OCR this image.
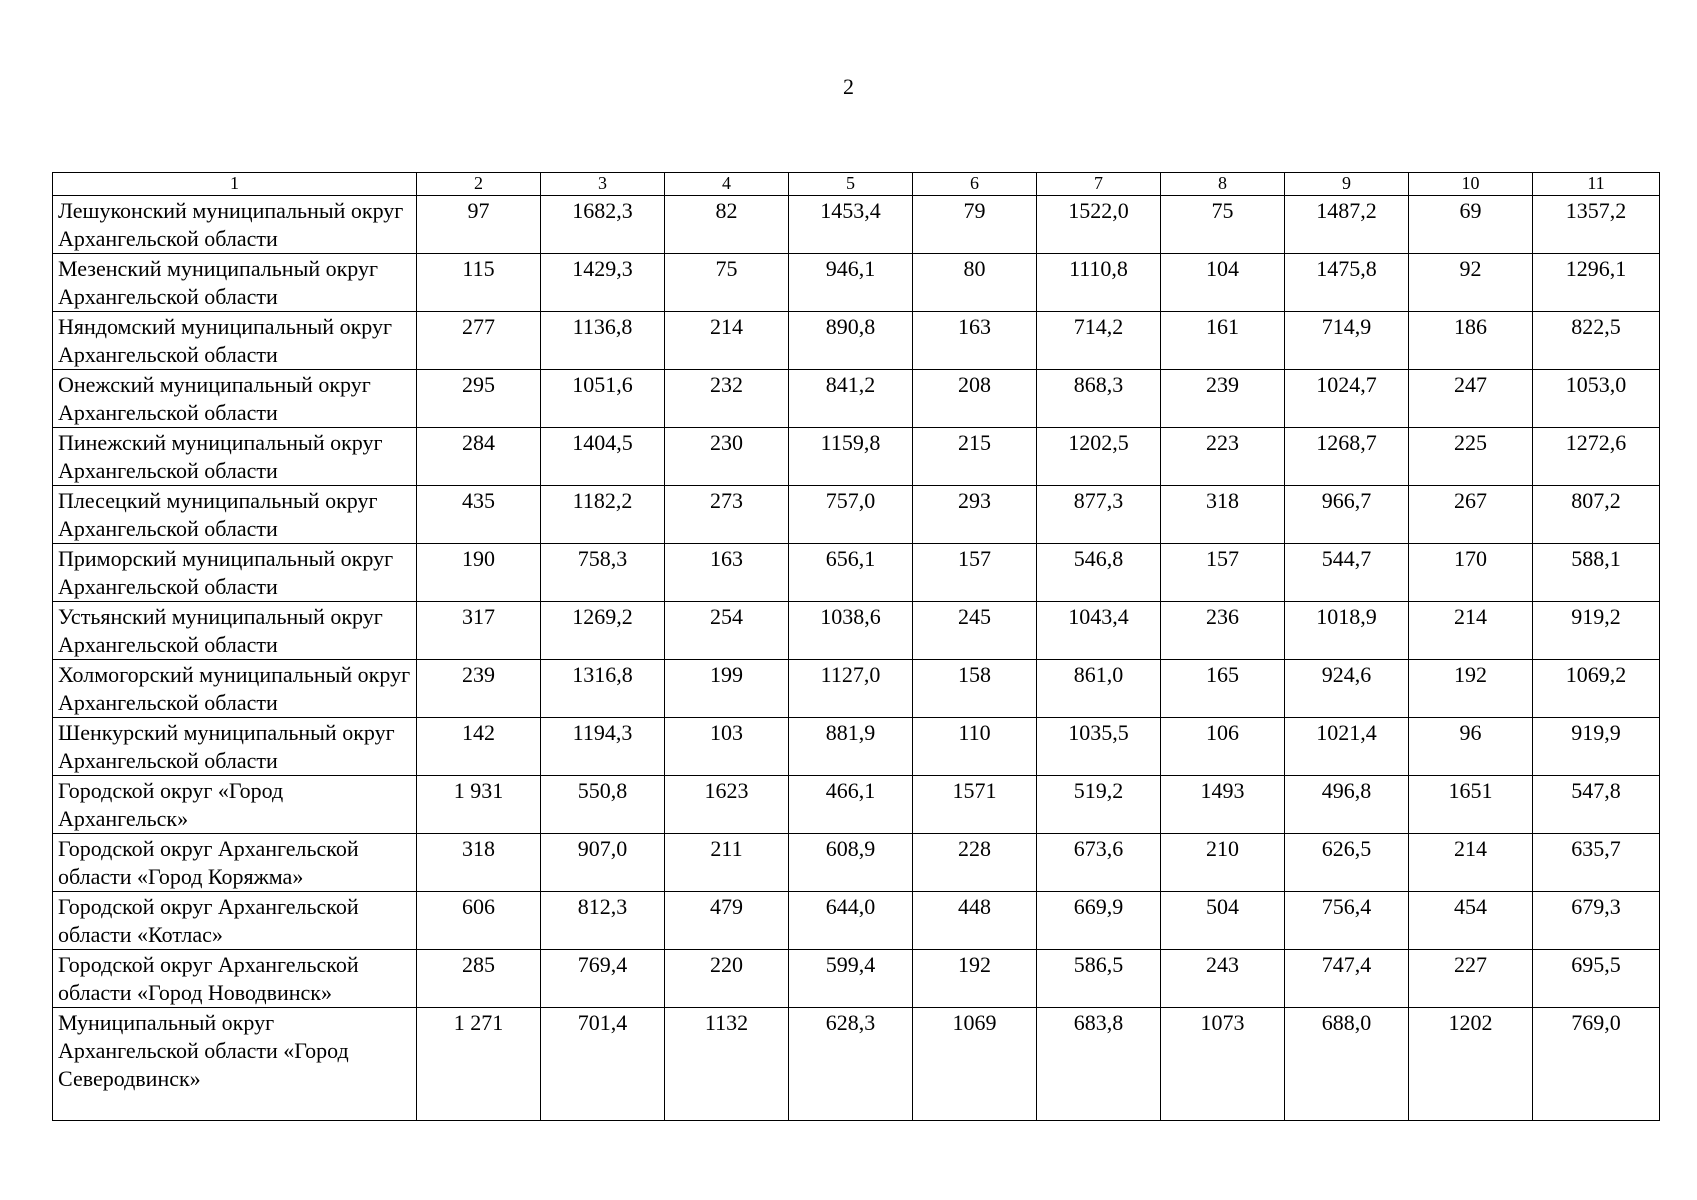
2
1	2	3	4	5	6	7	8	9	10	11
Лешуконский муниципальный округ Архангельской области	97	1682,3	82	1453,4	79	1522,0	75	1487,2	69	1357,2
Мезенский муниципальный округ Архангельской области	115	1429,3	75	946,1	80	1110,8	104	1475,8	92	1296,1
Няндомский муниципальный округ Архангельской области	277	1136,8	214	890,8	163	714,2	161	714,9	186	822,5
Онежский муниципальный округ Архангельской области	295	1051,6	232	841,2	208	868,3	239	1024,7	247	1053,0
Пинежский муниципальный округ Архангельской области	284	1404,5	230	1159,8	215	1202,5	223	1268,7	225	1272,6
Плесецкий муниципальный округ Архангельской области	435	1182,2	273	757,0	293	877,3	318	966,7	267	807,2
Приморский муниципальный округ Архангельской области	190	758,3	163	656,1	157	546,8	157	544,7	170	588,1
Устьянский муниципальный округ Архангельской области	317	1269,2	254	1038,6	245	1043,4	236	1018,9	214	919,2
Холмогорский муниципальный округ Архангельской области	239	1316,8	199	1127,0	158	861,0	165	924,6	192	1069,2
Шенкурский муниципальный округ Архангельской области	142	1194,3	103	881,9	110	1035,5	106	1021,4	96	919,9
Городской округ «Город Архангельск»	1 931	550,8	1623	466,1	1571	519,2	1493	496,8	1651	547,8
Городской округ Архангельской области «Город Коряжма»	318	907,0	211	608,9	228	673,6	210	626,5	214	635,7
Городской округ Архангельской области «Котлас»	606	812,3	479	644,0	448	669,9	504	756,4	454	679,3
Городской округ Архангельской области «Город Новодвинск»	285	769,4	220	599,4	192	586,5	243	747,4	227	695,5
Муниципальный округ Архангельской области «Город Северодвинск»	1 271	701,4	1132	628,3	1069	683,8	1073	688,0	1202	769,0
